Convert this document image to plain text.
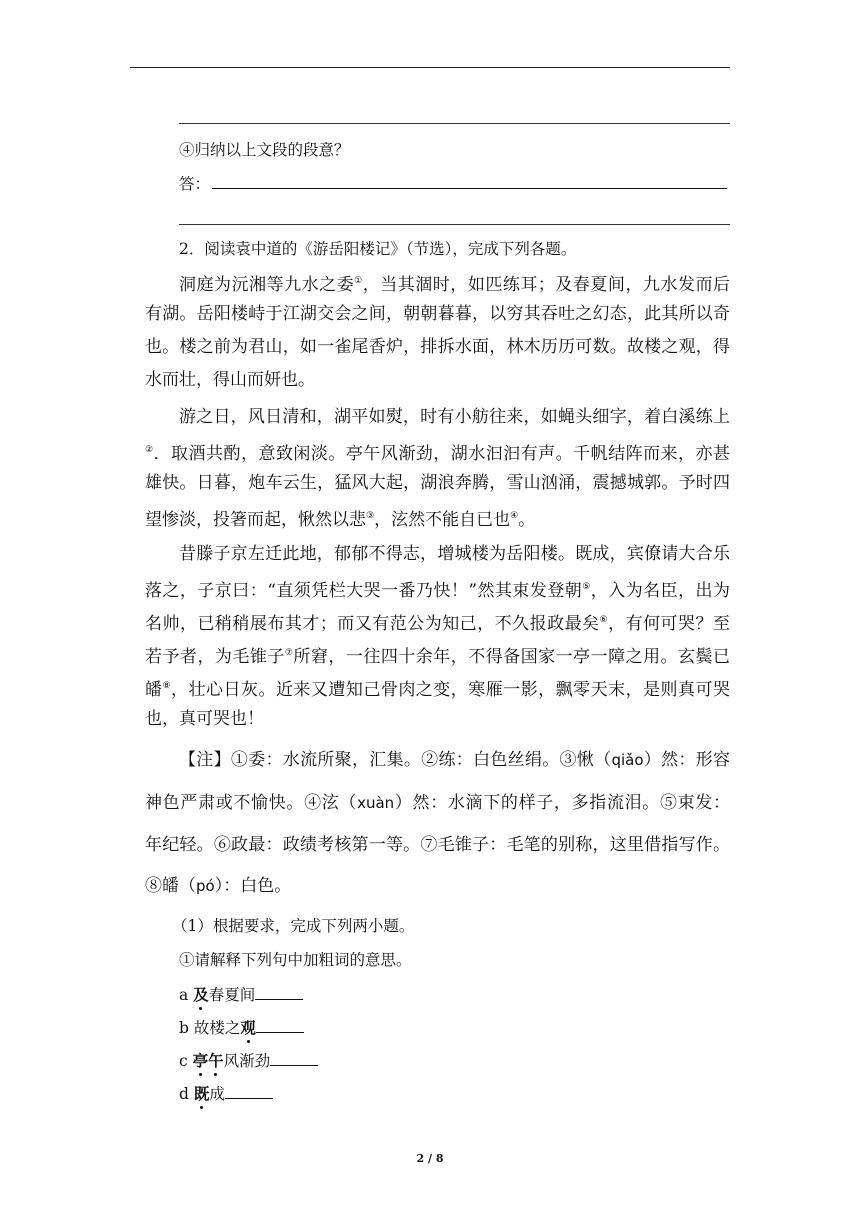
④归纳以上文段的段意？
答：
2．阅读袁中道的《游岳阳楼记》（节选），完成下列各题。
洞庭为沅湘等九水之委①，当其涸时，如匹练耳；及春夏间，九水发而后
有湖。岳阳楼峙于江湖交会之间，朝朝暮暮，以穷其吞吐之幻态，此其所以奇
也。楼之前为君山，如一雀尾香炉，排拆水面，林木历历可数。故楼之观，得
水而壮，得山而妍也。
游之日，风日清和，湖平如熨，时有小舫往来，如蝇头细字，着白溪练上
②．取酒共酌，意致闲淡。亭午风渐劲，湖水汩汩有声。千帆结阵而来，亦甚
雄快。日暮，炮车云生，猛风大起，湖浪奔腾，雪山汹涌，震撼城郭。予时四
望惨淡，投箸而起，愀然以悲③，泫然不能自已也④。
昔滕子京左迁此地，郁郁不得志，增城楼为岳阳楼。既成，宾僚请大合乐
落之，子京曰：“直须凭栏大哭一番乃快！”然其束发登朝⑤，入为名臣，出为
名帅，已稍稍展布其才；而又有范公为知己，不久报政最矣⑥，有何可哭？至
若予者，为毛锥子⑦所窘，一往四十余年，不得备国家一亭一障之用。玄鬓已
皤⑧，壮心日灰。近来又遭知己骨肉之变，寒雁一影，飘零天末，是则真可哭
也，真可哭也！
【注】①委：水流所聚，汇集。②练：白色丝绢。③愀（qiǎo）然：形容
神色严肃或不愉快。④泫（xuàn）然：水滴下的样子，多指流泪。⑤束发：
年纪轻。⑥政最：政绩考核第一等。⑦毛锥子：毛笔的别称，这里借指写作。
⑧皤（pó）：白色。
（1）根据要求，完成下列两小题。
①请解释下列句中加粗词的意思。
a 及春夏间
b 故楼之观
c 亭午风渐劲
d 既成
2 / 8
